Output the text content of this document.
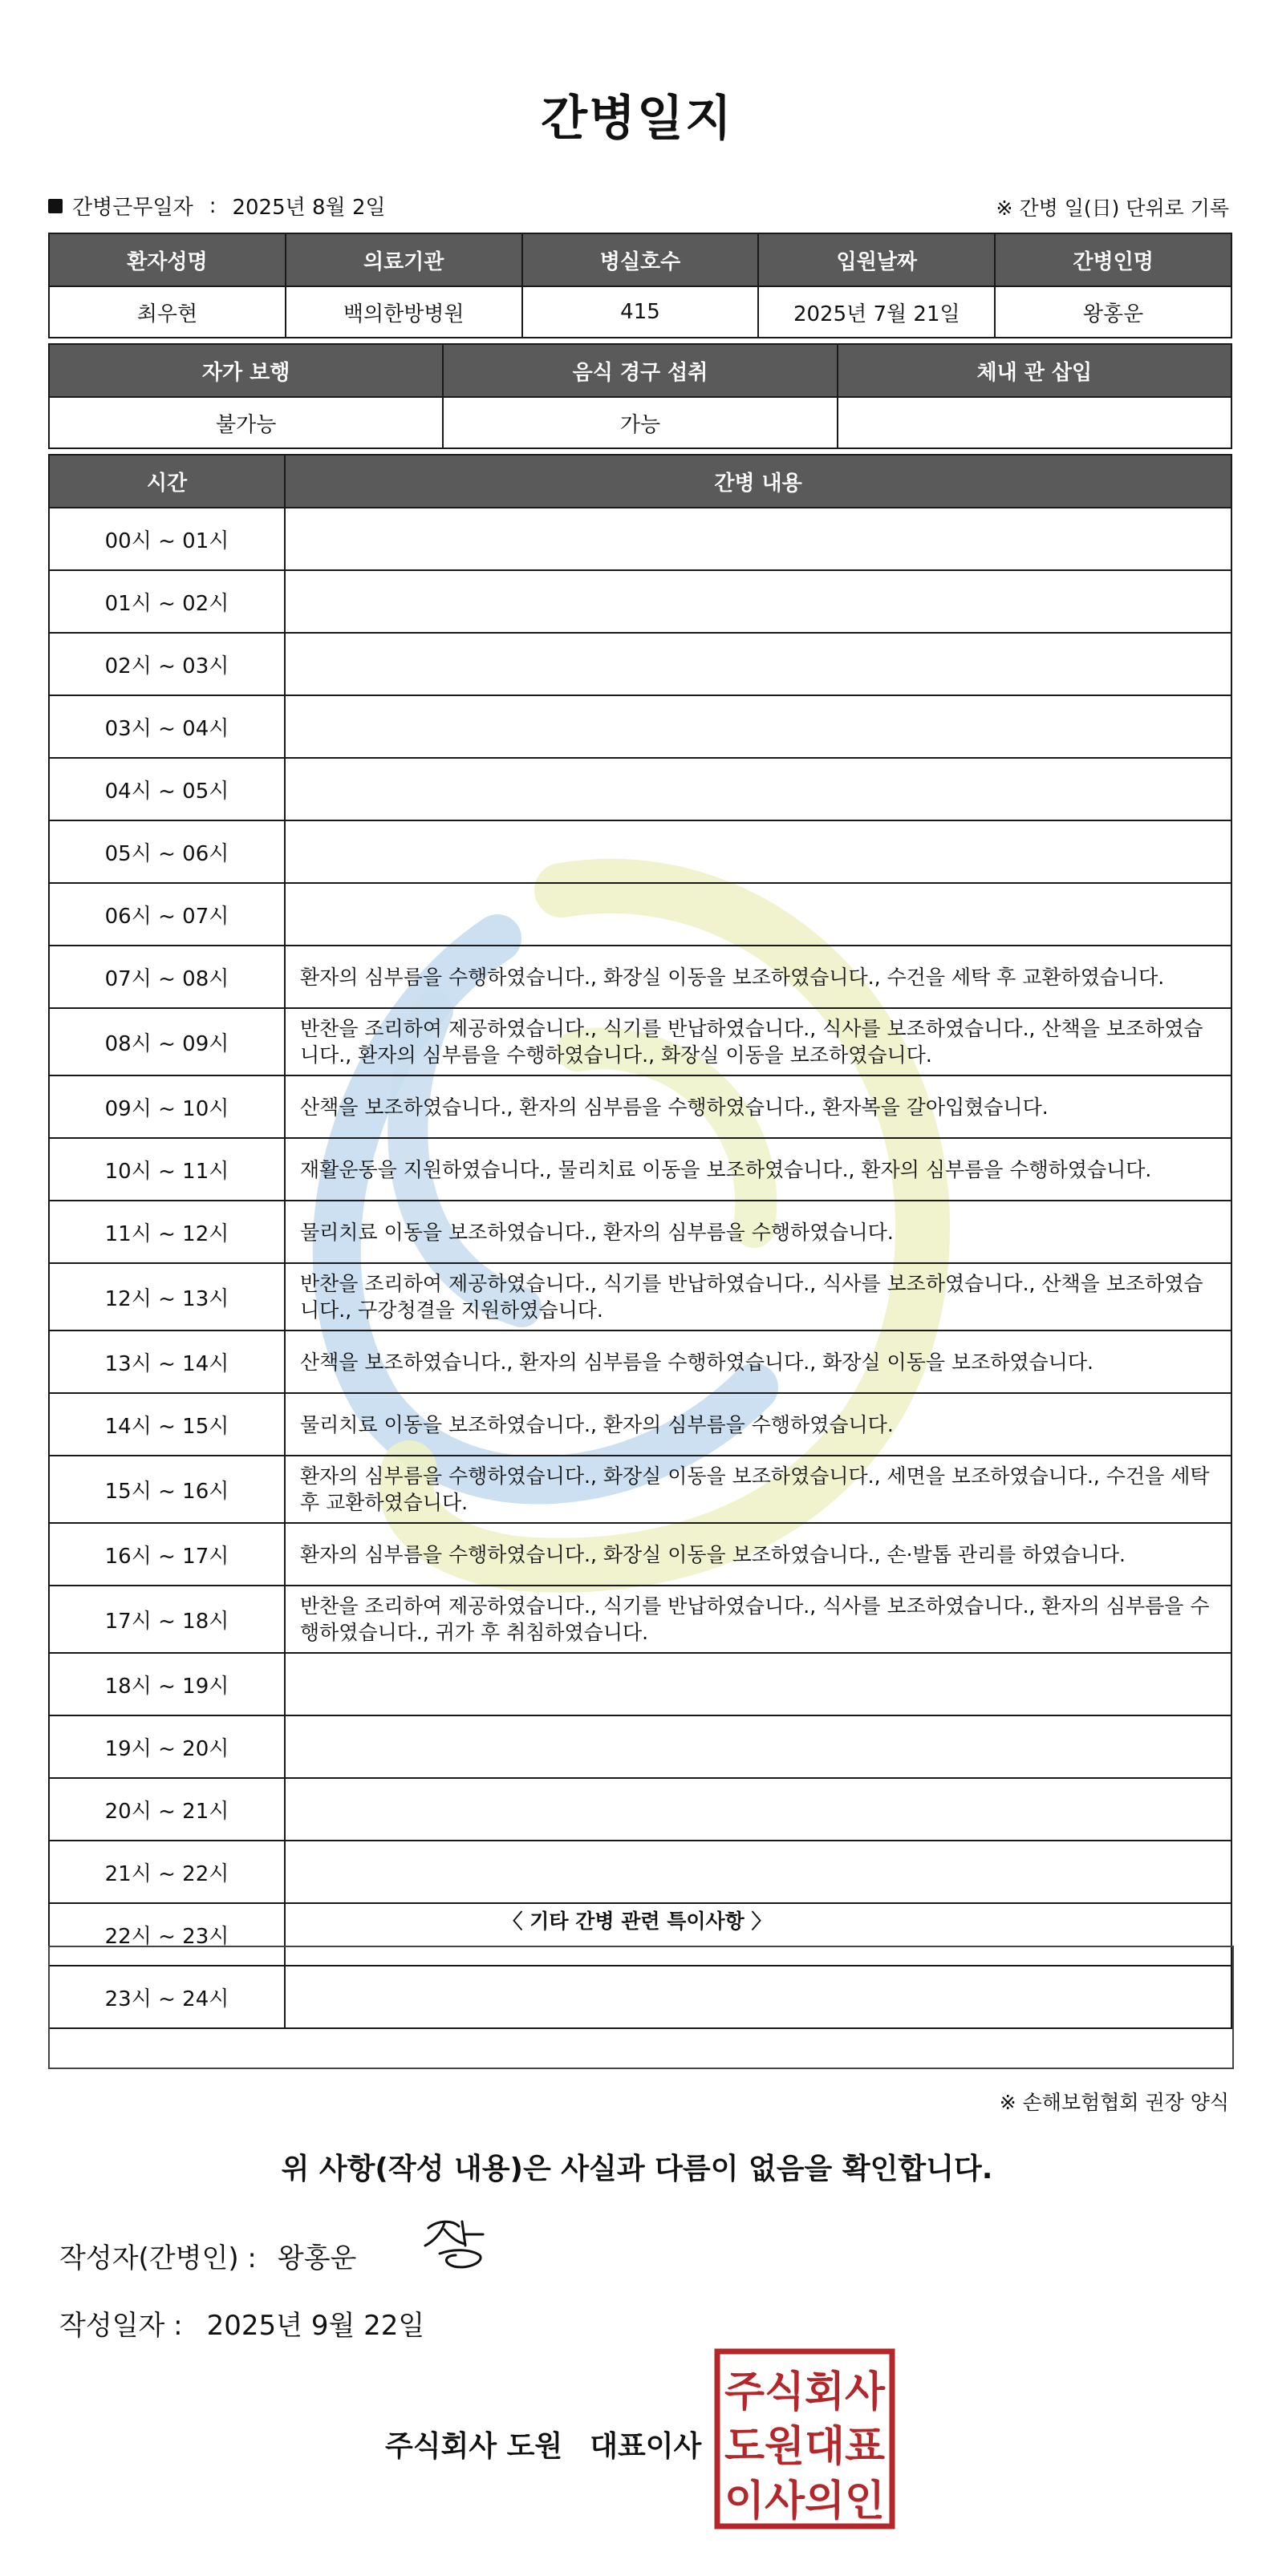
간병일지
간병근무일자 : 2025년 8월 2일	※ 간병 일(日) 단위로 기록
환자성명	의료기관	병실호수	입원날짜	간병인명
최우현	백의한방병원	415	2025년 7월 21일	왕홍운
자가 보행	음식 경구 섭취	체내 관 삽입
불가능	가능	
시간	간병 내용
00시 ~ 01시	
01시 ~ 02시	
02시 ~ 03시	
03시 ~ 04시	
04시 ~ 05시	
05시 ~ 06시	
06시 ~ 07시	
07시 ~ 08시	환자의 심부름을 수행하였습니다., 화장실 이동을 보조하였습니다., 수건을 세탁 후 교환하였습니다.
08시 ~ 09시	반찬을 조리하여 제공하였습니다., 식기를 반납하였습니다., 식사를 보조하였습니다., 산책을 보조하였습니다., 환자의 심부름을 수행하였습니다., 화장실 이동을 보조하였습니다.
09시 ~ 10시	산책을 보조하였습니다., 환자의 심부름을 수행하였습니다., 환자복을 갈아입혔습니다.
10시 ~ 11시	재활운동을 지원하였습니다., 물리치료 이동을 보조하였습니다., 환자의 심부름을 수행하였습니다.
11시 ~ 12시	물리치료 이동을 보조하였습니다., 환자의 심부름을 수행하였습니다.
12시 ~ 13시	반찬을 조리하여 제공하였습니다., 식기를 반납하였습니다., 식사를 보조하였습니다., 산책을 보조하였습니다., 구강청결을 지원하였습니다.
13시 ~ 14시	산책을 보조하였습니다., 환자의 심부름을 수행하였습니다., 화장실 이동을 보조하였습니다.
14시 ~ 15시	물리치료 이동을 보조하였습니다., 환자의 심부름을 수행하였습니다.
15시 ~ 16시	환자의 심부름을 수행하였습니다., 화장실 이동을 보조하였습니다., 세면을 보조하였습니다., 수건을 세탁 후 교환하였습니다.
16시 ~ 17시	환자의 심부름을 수행하였습니다., 화장실 이동을 보조하였습니다., 손·발톱 관리를 하였습니다.
17시 ~ 18시	반찬을 조리하여 제공하였습니다., 식기를 반납하였습니다., 식사를 보조하였습니다., 환자의 심부름을 수행하였습니다., 귀가 후 취침하였습니다.
18시 ~ 19시	
19시 ~ 20시	
20시 ~ 21시	
21시 ~ 22시	
22시 ~ 23시	
23시 ~ 24시	
〈 기타 간병 관련 특이사항 〉
※ 손해보험협회 권장 양식
위 사항(작성 내용)은 사실과 다름이 없음을 확인합니다.
작성자(간병인) : 왕홍운
작성일자 : 2025년 9월 22일
주식회사 도원 대표이사
주식회사
도원대표
이사의인
